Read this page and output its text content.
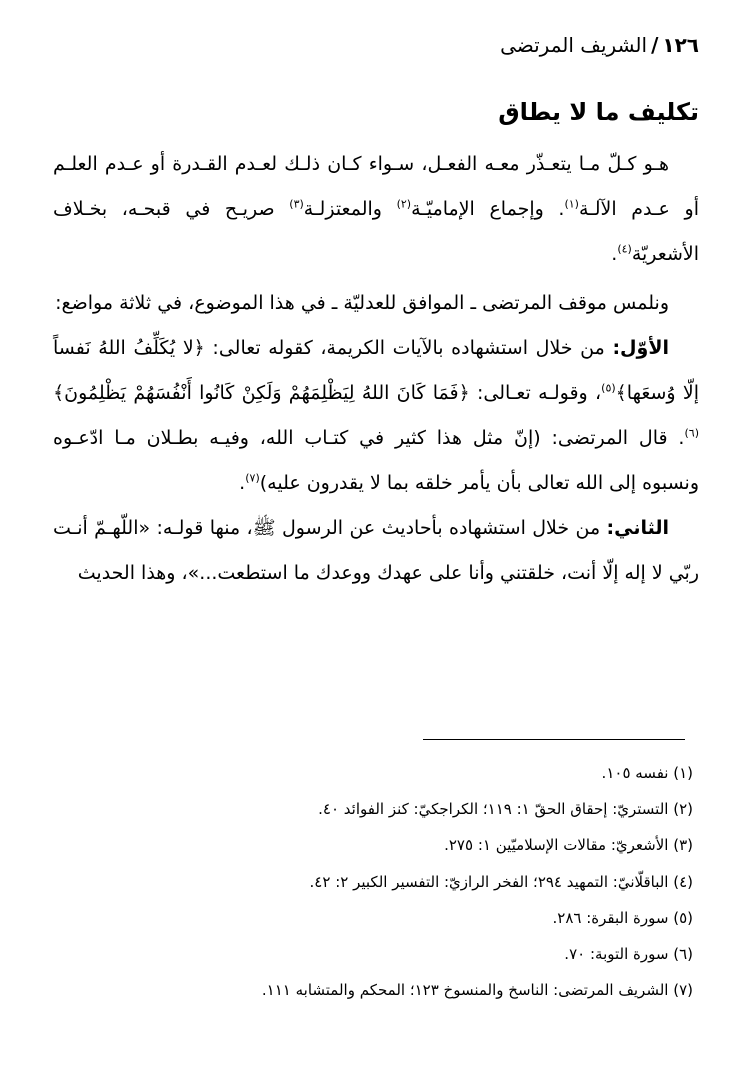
١٢٦/الشريف المرتضى
تكليف ما لا يطاق

هـو كـلّ مـا يتعـذّر معـه الفعـل، سـواء كـان ذلـك لعـدم القـدرة أو عـدم العلـم أو عـدم الآلـة$^{(١)}$. وإجماع الإماميّـة$^{(٢)}$ والمعتزلـة$^{(٣)}$ صريـح في قبحـه، بخـلاف الأشعريّة$^{(٤)}$.

ونلمس موقف المرتضى ـ الموافق للعدليّة ـ في هذا الموضوع، في ثلاثة مواضع:

الأوّل: من خلال استشهاده بالآيات الكريمة، كقوله تعالى: ﴿لا يُكَلِّفُ اللهُ نَفساً إلّا وُسعَها﴾$^{(٥)}$، وقولـه تعـالى: ﴿فَمَا كَانَ اللهُ لِيَظْلِمَهُمْ وَلَكِنْ كَانُوا أَنْفُسَهُمْ يَظْلِمُونَ﴾$^{(٦)}$. قال المرتضى: (إنّ مثل هذا كثير في كتـاب الله، وفيـه بطـلان مـا ادّعـوه ونسبوه إلى الله تعالى بأن يأمر خلقه بما لا يقدرون عليه)$^{(٧)}$.

الثاني: من خلال استشهاده بأحاديث عن الرسول ﷺ، منها قولـه: «اللّهـمّ أنـت ربّي لا إله إلّا أنت، خلقتني وأنا على عهدك ووعدك ما استطعت...»، وهذا الحديث

(١) نفسه ١٠٥.
(٢) التستريّ: إحقاق الحقّ ١: ١١٩؛ الكراجكيّ: كنز الفوائد ٤٠.
(٣) الأشعريّ: مقالات الإسلاميّين ١: ٢٧٥.
(٤) الباقلّانيّ: التمهيد ٢٩٤؛ الفخر الرازيّ: التفسير الكبير ٢: ٤٢.
(٥) سورة البقرة: ٢٨٦.
(٦) سورة التوبة: ٧٠.
(٧) الشريف المرتضى: الناسخ والمنسوخ ١٢٣؛ المحكم والمتشابه ١١١.
